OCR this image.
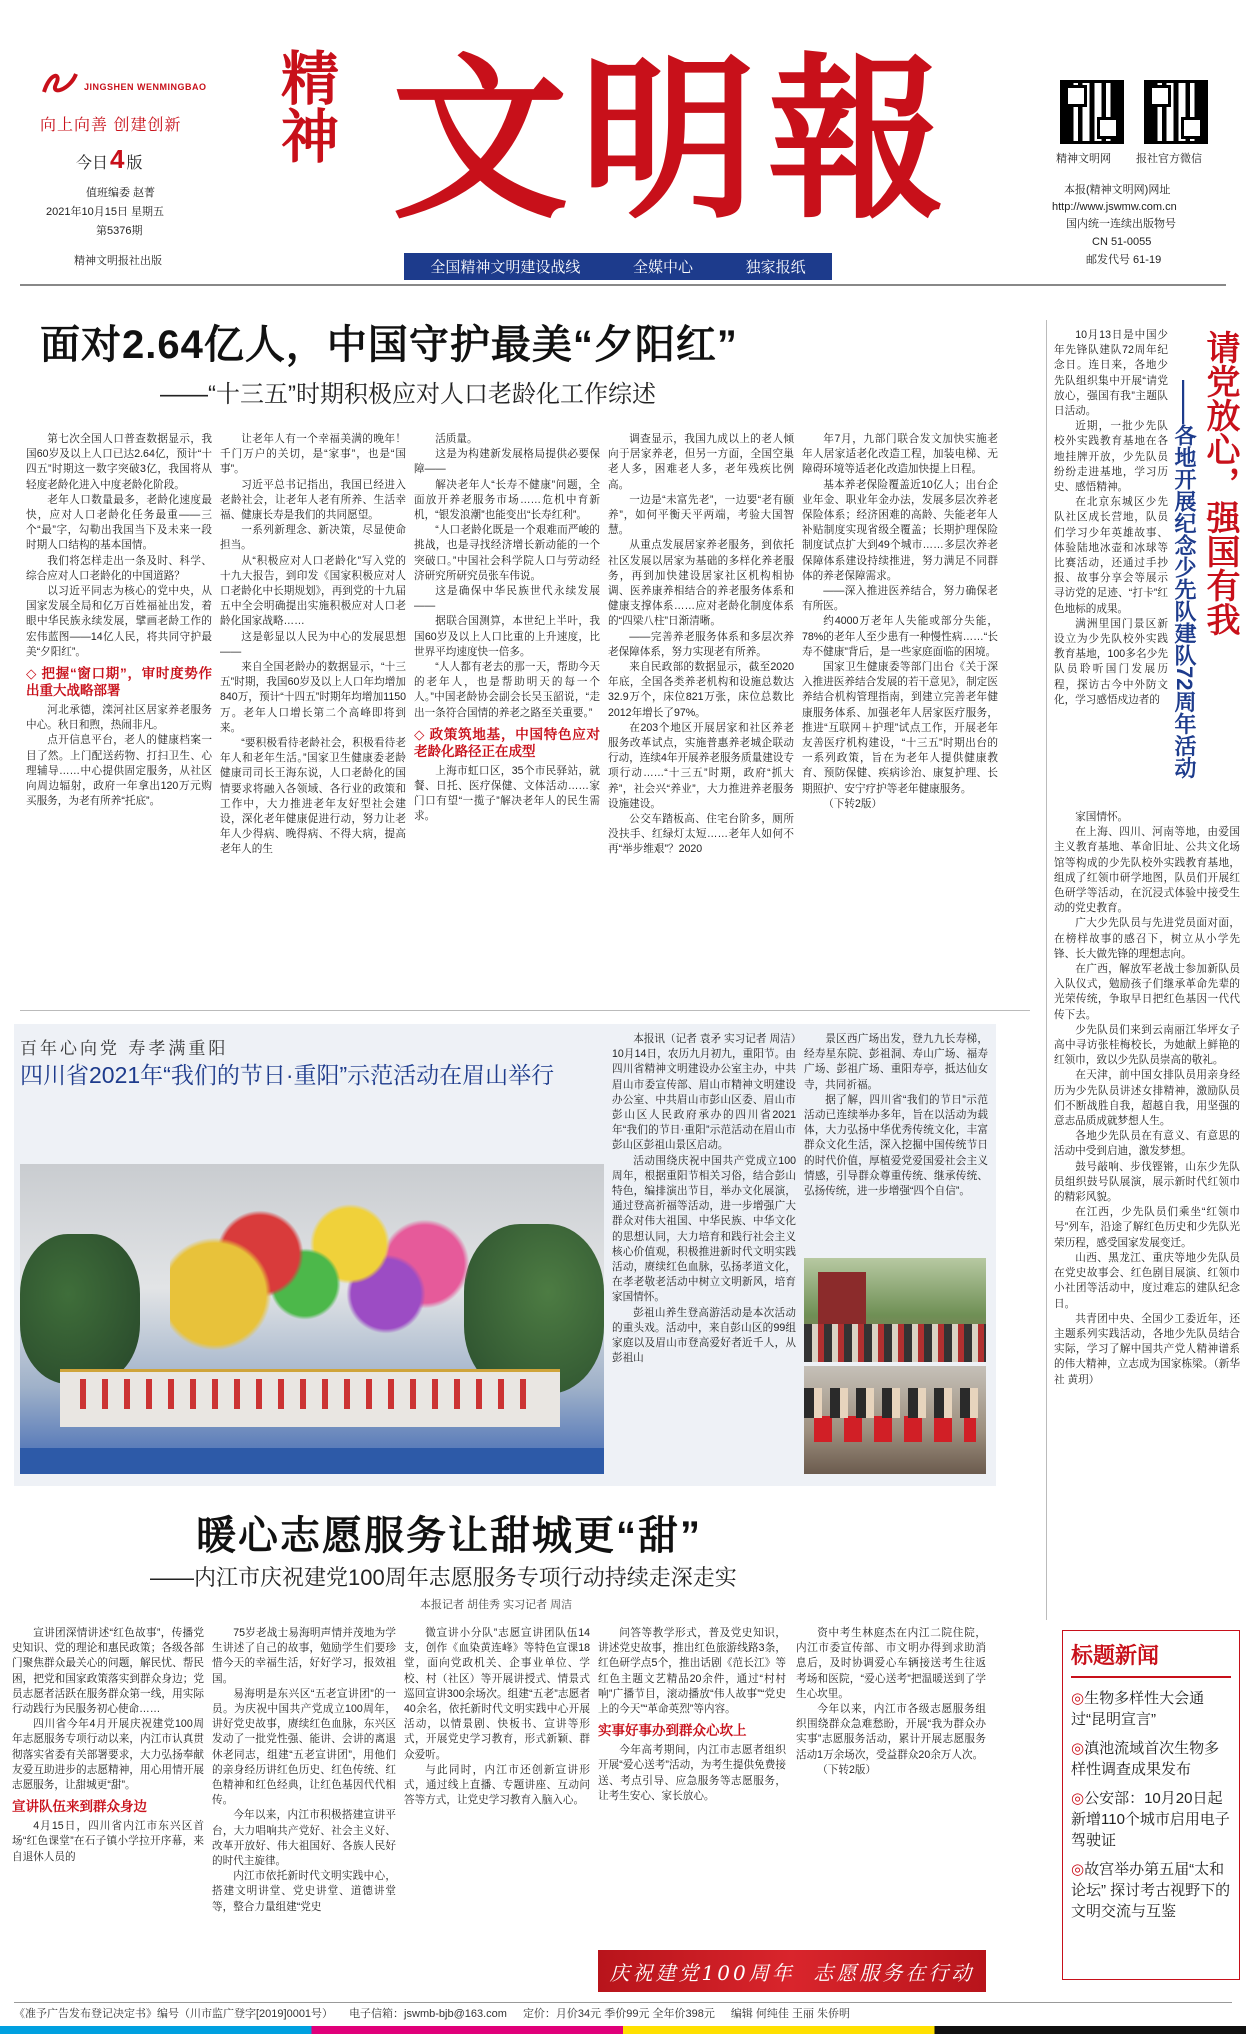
JINGSHEN WENMINGBAO
向上向善 创建创新
今日4 版
值班编委 赵菁
2021年10月15日 星期五
第5376期
精神文明报社出版
精神 文明報
全国精神文明建设战线	全媒中心	独家报纸
精神文明网 报社官方微信
本报(精神文明网)网址
http://www.jswmw.com.cn
国内统一连续出版物号
CN 51-0055
邮发代号 61-19
面对2.64亿人，中国守护最美“夕阳红”
——“十三五”时期积极应对人口老龄化工作综述

第七次全国人口普查数据显示，我国60岁及以上人口已达2.64亿，预计“十四五”时期这一数字突破3亿，我国将从轻度老龄化进入中度老龄化阶段。

老年人口数量最多，老龄化速度最快，应对人口老龄化任务最重——三个“最”字，勾勒出我国当下及未来一段时期人口结构的基本国情。

我们将怎样走出一条及时、科学、综合应对人口老龄化的中国道路？

以习近平同志为核心的党中央，从国家发展全局和亿万百姓福祉出发，着眼中华民族永续发展，擘画老龄工作的宏伟蓝图——14亿人民，将共同守护最美“夕阳红”。

◇ 把握“窗口期”，审时度势作出重大战略部署

河北承德，滦河社区居家养老服务中心。秋日和煦，热闹非凡。

点开信息平台，老人的健康档案一目了然。上门配送药物、打扫卫生、心理辅导……中心提供固定服务，从社区向周边辐射，政府一年拿出120万元购买服务，为老有所养“托底”。

让老年人有一个幸福美满的晚年！千门万户的关切，是“家事”，也是“国事”。

习近平总书记指出，我国已经进入老龄社会，让老年人老有所养、生活幸福、健康长寿是我们的共同愿望。

一系列新理念、新决策，尽显使命担当。

从“积极应对人口老龄化”写入党的十九大报告，到印发《国家积极应对人口老龄化中长期规划》，再到党的十九届五中全会明确提出实施积极应对人口老龄化国家战略……

这是彰显以人民为中心的发展思想——

来自全国老龄办的数据显示，“十三五”时期，我国60岁及以上人口年均增加840万，预计“十四五”时期年均增加1150万。老年人口增长第二个高峰即将到来。

“要积极看待老龄社会，积极看待老年人和老年生活。”国家卫生健康委老龄健康司司长王海东说，人口老龄化的国情要求将融入各领域、各行业的政策和工作中，大力推进老年友好型社会建设，深化老年健康促进行动，努力让老年人少得病、晚得病、不得大病，提高老年人的生

活质量。

这是为构建新发展格局提供必要保障——

解决老年人“长寿不健康”问题，全面放开养老服务市场……危机中育新机，“银发浪潮”也能变出“长寿红利”。

“人口老龄化既是一个艰难而严峻的挑战，也是寻找经济增长新动能的一个突破口。”中国社会科学院人口与劳动经济研究所研究员张车伟说。

这是确保中华民族世代永续发展——

据联合国测算，本世纪上半叶，我国60岁及以上人口比重的上升速度，比世界平均速度快一倍多。

“人人都有老去的那一天，帮助今天的老年人，也是帮助明天的每一个人。”中国老龄协会副会长吴玉韶说，“走出一条符合国情的养老之路至关重要。”

◇ 政策筑地基，中国特色应对老龄化路径正在成型

上海市虹口区，35个市民驿站，就餐、日托、医疗保健、文体活动……家门口有望“一揽子”解决老年人的民生需求。

调查显示，我国九成以上的老人倾向于居家养老，但另一方面，全国空巢老人多，困难老人多，老年残疾比例高。

一边是“未富先老”，一边要“老有颐养”，如何平衡天平两端，考验大国智慧。

从重点发展居家养老服务，到依托社区发展以居家为基础的多样化养老服务，再到加快建设居家社区机构相协调、医养康养相结合的养老服务体系和健康支撑体系……应对老龄化制度体系的“四梁八柱”日渐清晰。

——完善养老服务体系和多层次养老保障体系，努力实现老有所养。

来自民政部的数据显示，截至2020年底，全国各类养老机构和设施总数达32.9万个，床位821万张，床位总数比2012年增长了97%。

在203个地区开展居家和社区养老服务改革试点，实施普惠养老城企联动行动，连续4年开展养老服务质量建设专项行动……“十三五”时期，政府“抓大养”，社会兴“养业”，大力推进养老服务设施建设。

公交车踏板高、住宅台阶多，厕所没扶手、红绿灯太短……老年人如何不再“举步维艰”？2020

年7月，九部门联合发文加快实施老年人居家适老化改造工程，加装电梯、无障碍环境等适老化改造加快提上日程。

基本养老保险覆盖近10亿人；出台企业年金、职业年金办法，发展多层次养老保险体系；经济困难的高龄、失能老年人补贴制度实现省级全覆盖；长期护理保险制度试点扩大到49个城市……多层次养老保障体系建设持续推进，努力满足不同群体的养老保障需求。

——深入推进医养结合，努力确保老有所医。

约4000万老年人失能或部分失能，78%的老年人至少患有一种慢性病……“长寿不健康”背后，是一些家庭面临的困境。

国家卫生健康委等部门出台《关于深入推进医养结合发展的若干意见》，制定医养结合机构管理指南，到建立完善老年健康服务体系、加强老年人居家医疗服务，推进“互联网＋护理”试点工作，开展老年友善医疗机构建设，“十三五”时期出台的一系列政策，旨在为老年人提供健康教育、预防保健、疾病诊治、康复护理、长期照护、安宁疗护等老年健康服务。

（下转2版）

请党放心，强国有我
——各地开展纪念少先队建队72周年活动

10月13日是中国少年先锋队建队72周年纪念日。连日来，各地少先队组织集中开展“请党放心，强国有我”主题队日活动。

近期，一批少先队校外实践教育基地在各地挂牌开放，少先队员纷纷走进基地，学习历史、感悟精神。

在北京东城区少先队社区成长营地，队员们学习少年英雄故事、体验陆地冰壶和冰球等比赛活动，还通过手抄报、故事分享会等展示寻访党的足迹、“打卡”红色地标的成果。

满洲里国门景区新设立为少先队校外实践教育基地，100多名少先队员聆听国门发展历程，探访古今中外防文化，学习感悟戍边者的

家国情怀。

在上海、四川、河南等地，由爱国主义教育基地、革命旧址、公共文化场馆等构成的少先队校外实践教育基地，组成了红领巾研学地图，队员们开展红色研学等活动，在沉浸式体验中接受生动的党史教育。

广大少先队员与先进党员面对面，在榜样故事的感召下，树立从小学先锋、长大做先锋的理想志向。

在广西，解放军老战士参加新队员入队仪式，勉励孩子们继承革命先辈的光荣传统，争取早日把红色基因一代代传下去。

少先队员们来到云南丽江华坪女子高中寻访张桂梅校长，为她献上鲜艳的红领巾，致以少先队员崇高的敬礼。

在天津，前中国女排队员用亲身经历为少先队员讲述女排精神，激励队员们不断战胜自我，超越自我，用坚强的意志品质成就梦想人生。

各地少先队员在有意义、有意思的活动中受到启迪，激发梦想。

鼓号敲响、步伐铿锵，山东少先队员组织鼓号队展演，展示新时代红领巾的精彩风貌。

在江西，少先队员们乘坐“红领巾号”列车，沿途了解红色历史和少先队光荣历程，感受国家发展变迁。

山西、黑龙江、重庆等地少先队员在党史故事会、红色剧目展演、红领巾小社团等活动中，度过难忘的建队纪念日。

共青团中央、全国少工委近年，还主题系列实践活动，各地少先队员结合实际，学习了解中国共产党人精神谱系的伟大精神，立志成为国家栋梁。（新华社 黄玥）

百年心向党 寿孝满重阳
四川省2021年“我们的节日·重阳”示范活动在眉山举行

本报讯（记者 袁矛 实习记者 周洁）10月14日，农历九月初九，重阳节。由四川省精神文明建设办公室主办，中共眉山市委宣传部、眉山市精神文明建设办公室、中共眉山市彭山区委、眉山市彭山区人民政府承办的四川省2021年“我们的节日·重阳”示范活动在眉山市彭山区彭祖山景区启动。

活动围绕庆祝中国共产党成立100周年，根据重阳节相关习俗，结合彭山特色，编排演出节目，举办文化展演，通过登高祈福等活动，进一步增强广大群众对伟大祖国、中华民族、中华文化的思想认同，大力培育和践行社会主义核心价值观，积极推进新时代文明实践活动，赓续红色血脉，弘扬孝道文化，在孝老敬老活动中树立文明新风，培育家国情怀。

彭祖山养生登高游活动是本次活动的重头戏。活动中，来自彭山区的99组家庭以及眉山市登高爱好者近千人，从彭祖山

景区西广场出发，登九九长寿梯，经寿星东院、彭祖洞、寿山广场、福寿广场、彭祖广场、重阳寿亭，抵达仙女寺，共同祈福。

据了解，四川省“我们的节日”示范活动已连续举办多年，旨在以活动为载体，大力弘扬中华优秀传统文化，丰富群众文化生活，深入挖掘中国传统节日的时代价值，厚植爱党爱国爱社会主义情感，引导群众尊重传统、继承传统、弘扬传统，进一步增强“四个自信”。

暖心志愿服务让甜城更“甜”
——内江市庆祝建党100周年志愿服务专项行动持续走深走实
本报记者 胡佳秀 实习记者 周洁

宣讲团深情讲述“红色故事”，传播党史知识、党的理论和惠民政策；各级各部门聚焦群众最关心的问题，解民忧、帮民困，把党和国家政策落实到群众身边；党员志愿者活跃在服务群众第一线，用实际行动践行为民服务初心使命……

四川省今年4月开展庆祝建党100周年志愿服务专项行动以来，内江市认真贯彻落实省委有关部署要求，大力弘扬奉献友爱互助进步的志愿精神，用心用情开展志愿服务，让甜城更“甜”。

宣讲队伍来到群众身边

4月15日，四川省内江市东兴区首场“红色课堂”在石子镇小学拉开序幕，来自退休人员的

75岁老战士易海明声情并茂地为学生讲述了自己的故事，勉励学生们要珍惜今天的幸福生活，好好学习，报效祖国。

易海明是东兴区“五老宣讲团”的一员。为庆祝中国共产党成立100周年，讲好党史故事，赓续红色血脉，东兴区发动了一批党性强、能讲、会讲的离退休老同志，组建“五老宣讲团”，用他们的亲身经历讲红色历史、红色传统、红色精神和红色经典，让红色基因代代相传。

今年以来，内江市积极搭建宣讲平台，大力唱响共产党好、社会主义好、改革开放好、伟大祖国好、各族人民好的时代主旋律。

内江市依托新时代文明实践中心，搭建文明讲堂、党史讲堂、道德讲堂等，整合力量组建“党史

微宣讲小分队”志愿宣讲团队伍14支，创作《血染黄连峰》等特色宣课18堂，面向党政机关、企事业单位、学校、村（社区）等开展讲授式、情景式巡回宣讲300余场次。组建“五老”志愿者40余名，依托新时代文明实践中心开展活动，以情景剧、快板书、宣讲等形式，开展党史学习教育，形式新颖、群众爱听。

与此同时，内江市还创新宣讲形式，通过线上直播、专题讲座、互动问答等方式，让党史学习教育入脑入心。

问答等教学形式，普及党史知识，讲述党史故事，推出红色旅游线路3条，红色研学点5个，推出话剧《范长江》等红色主题文艺精品20余件，通过“村村响”广播节目，滚动播放“伟人故事”“党史上的今天”“革命英烈”等内容。

实事好事办到群众心坎上

今年高考期间，内江市志愿者组织开展“爱心送考”活动，为考生提供免费接送、考点引导、应急服务等志愿服务，让考生安心、家长放心。

资中考生林庭杰在内江二院住院，内江市委宣传部、市文明办得到求助消息后，及时协调爱心车辆接送考生往返考场和医院，“爱心送考”把温暖送到了学生心坎里。

今年以来，内江市各级志愿服务组织围绕群众急难愁盼，开展“我为群众办实事”志愿服务活动，累计开展志愿服务活动1万余场次，受益群众20余万人次。

（下转2版）

庆祝建党100周年  志愿服务在行动
标题新闻
◎生物多样性大会通过“昆明宣言”
◎滇池流域首次生物多样性调查成果发布
◎公安部：10月20日起新增110个城市启用电子驾驶证
◎故宫举办第五届“太和论坛” 探讨考古视野下的文明交流与互鉴
《准予广告发布登记决定书》编号（川市监广登字[2019]0001号） 电子信箱：jswmb-bjb@163.com 定价：月价34元 季价99元 全年价398元 编辑 何纯佳 王丽 朱侨明
